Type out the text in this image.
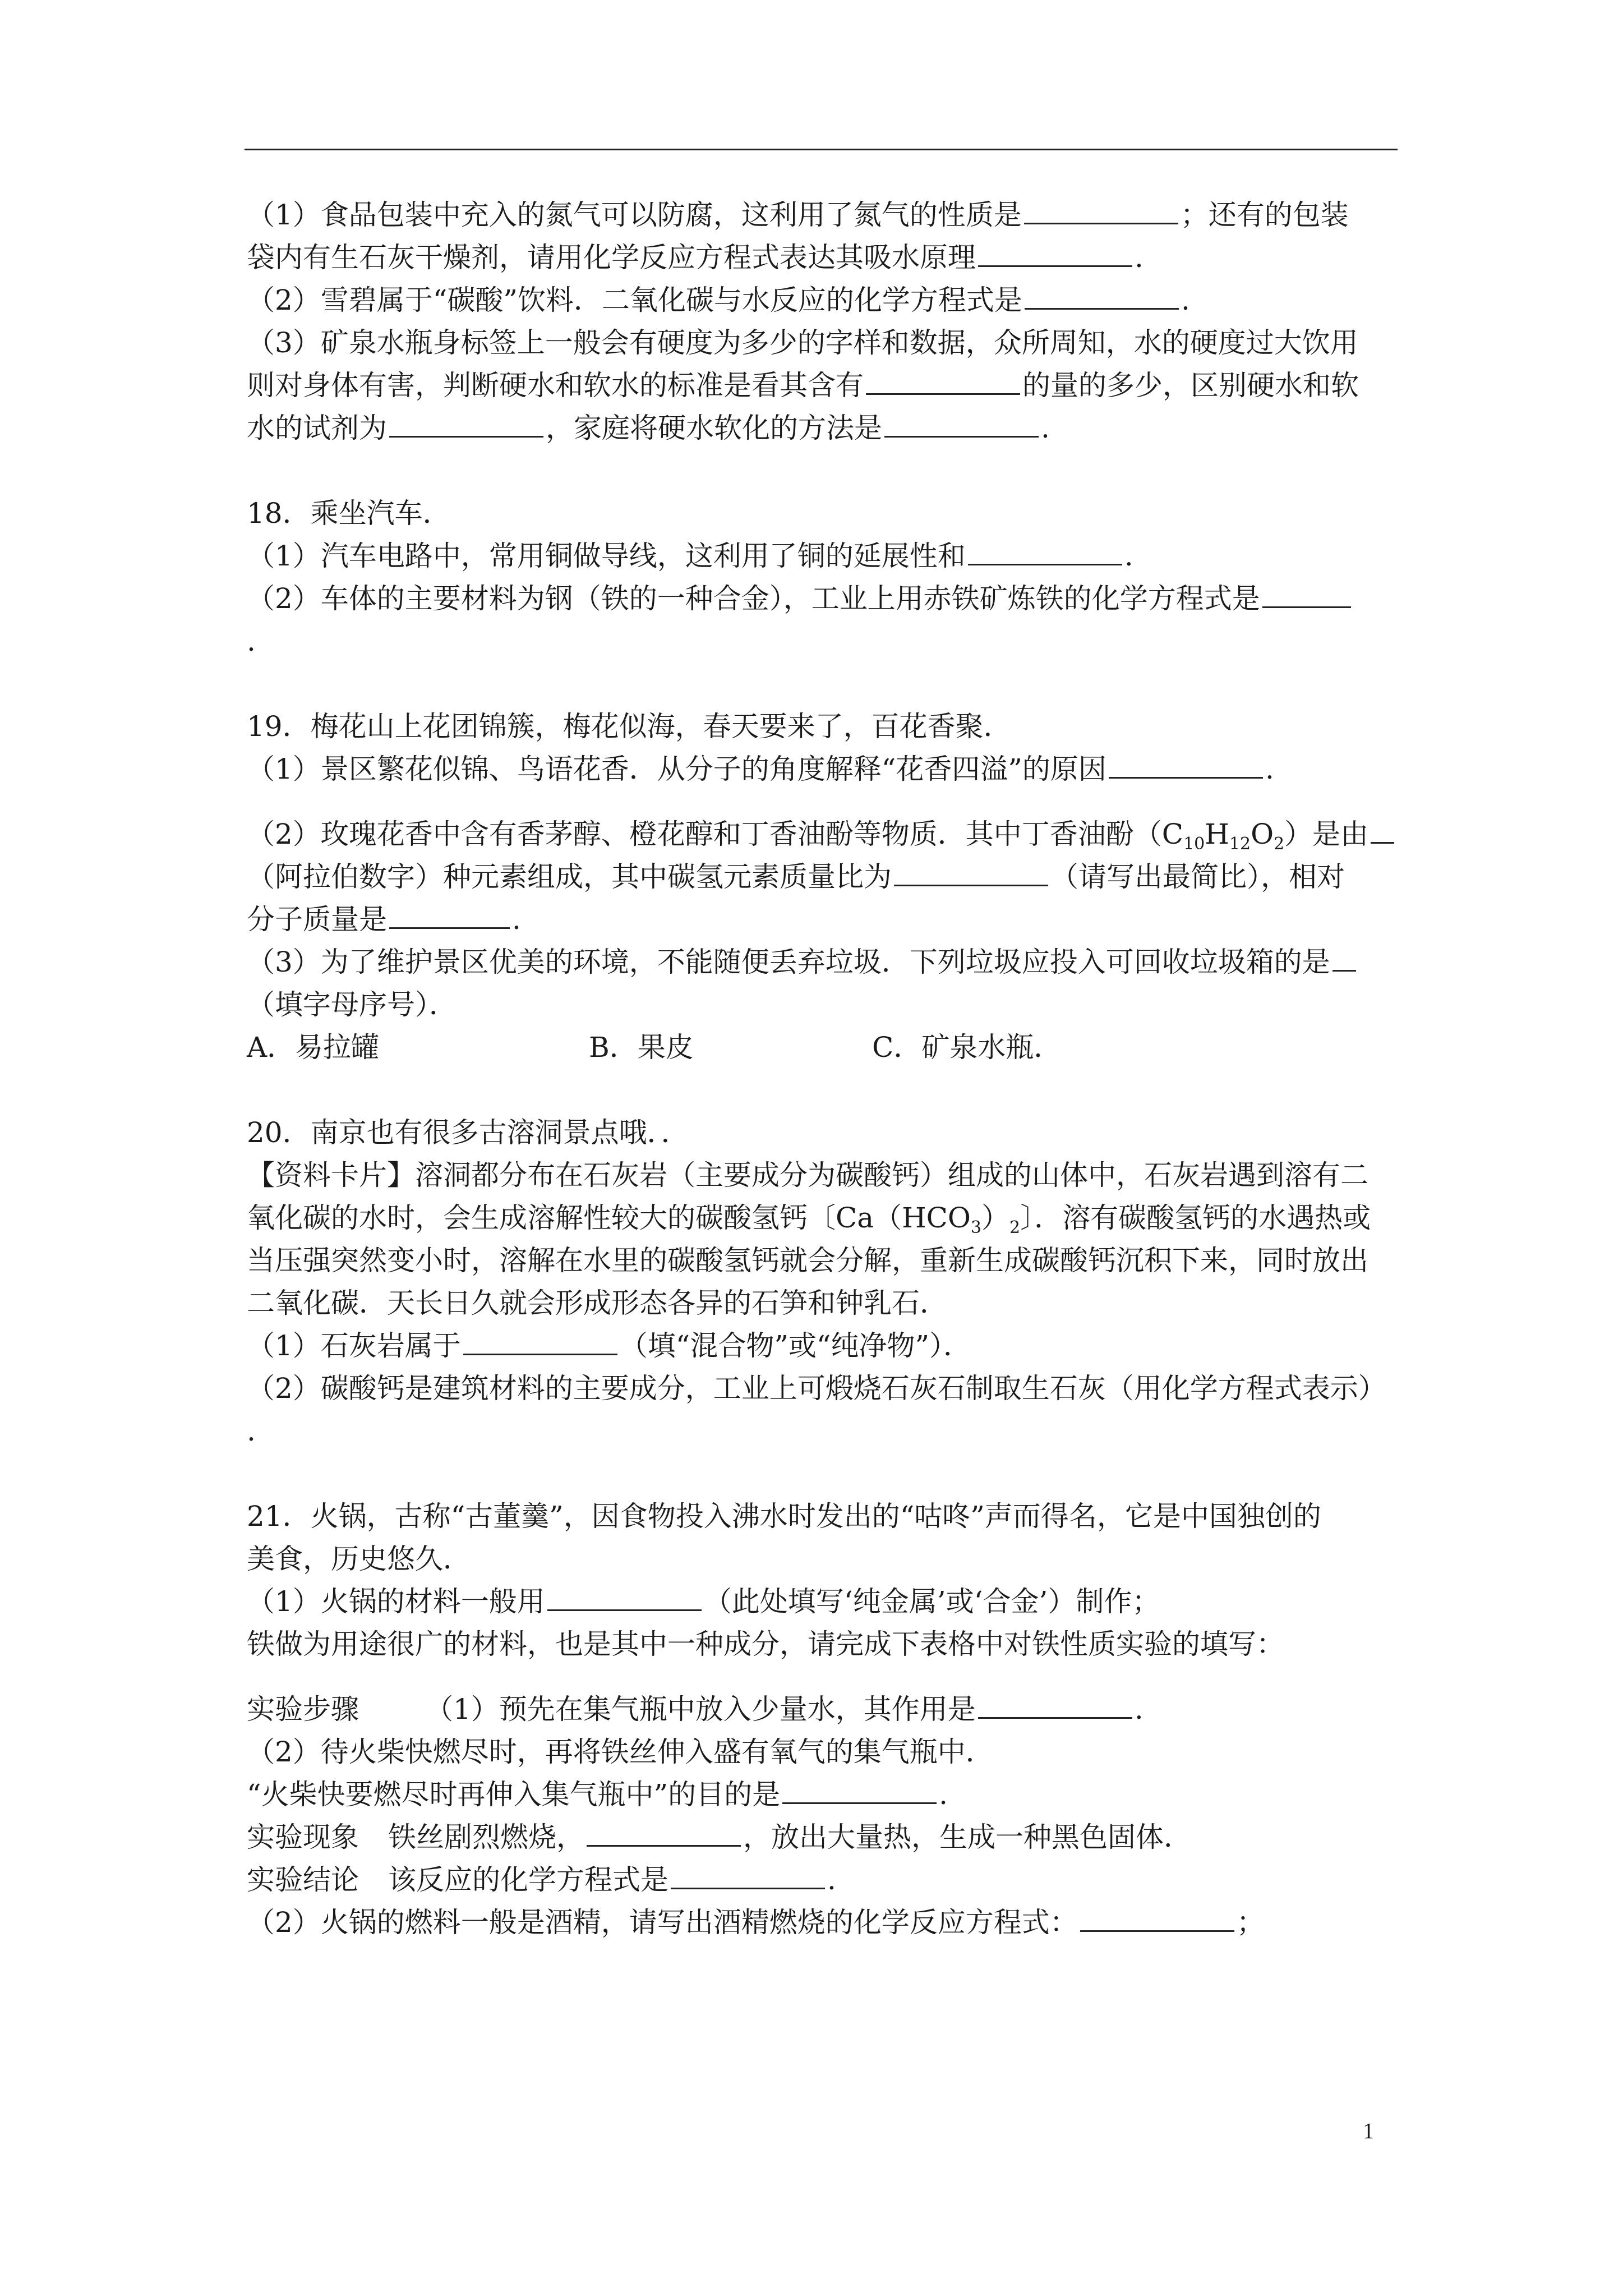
（1）食品包装中充入的氮气可以防腐，这利用了氮气的性质是	；还有的包装
袋内有生石灰干燥剂，请用化学反应方程式表达其吸水原理	.
（2）雪碧属于“碳酸”饮料．二氧化碳与水反应的化学方程式是	.
（3）矿泉水瓶身标签上一般会有硬度为多少的字样和数据，众所周知，水的硬度过大饮用
则对身体有害，判断硬水和软水的标准是看其含有	的量的多少，区别硬水和软
水的试剂为	，家庭将硬水软化的方法是	.
18．乘坐汽车．
（1）汽车电路中，常用铜做导线，这利用了铜的延展性和	.
（2）车体的主要材料为钢（铁的一种合金），工业上用赤铁矿炼铁的化学方程式是
.
19．梅花山上花团锦簇，梅花似海，春天要来了，百花香聚．
（1）景区繁花似锦、鸟语花香．从分子的角度解释“花香四溢”的原因	.
（2）玫瑰花香中含有香茅醇、橙花醇和丁香油酚等物质．其中丁香油酚$(C_{10}H_{12}O_2)$是由
（阿拉伯数字）种元素组成，其中碳氢元素质量比为	（请写出最简比），相对
分子质量是	.
（3）为了维护景区优美的环境，不能随便丢弃垃圾．下列垃圾应投入可回收垃圾箱的是
（填字母序号）．
A．易拉罐	B．果皮	C．矿泉水瓶．
20．南京也有很多古溶洞景点哦．．
【资料卡片】溶洞都分布在石灰岩（主要成分为碳酸钙）组成的山体中，石灰岩遇到溶有二
氧化碳的水时，会生成溶解性较大的碳酸氢钙〔$Ca(HCO_3)_2$〕．溶有碳酸氢钙的水遇热或
当压强突然变小时，溶解在水里的碳酸氢钙就会分解，重新生成碳酸钙沉积下来，同时放出
二氧化碳．天长日久就会形成形态各异的石笋和钟乳石．
（1）石灰岩属于	（填“混合物”或“纯净物”）．
（2）碳酸钙是建筑材料的主要成分，工业上可煅烧石灰石制取生石灰（用化学方程式表示）
.
21．火锅，古称“古董羹”，因食物投入沸水时发出的“咕咚”声而得名，它是中国独创的
美食，历史悠久．
（1）火锅的材料一般用	（此处填写‘纯金属’或‘合金’）制作；
铁做为用途很广的材料，也是其中一种成分，请完成下表格中对铁性质实验的填写：
实验步骤 （1）预先在集气瓶中放入少量水，其作用是	.
（2）待火柴快燃尽时，再将铁丝伸入盛有氧气的集气瓶中．
“火柴快要燃尽时再伸入集气瓶中”的目的是	.
实验现象 铁丝剧烈燃烧，	，放出大量热，生成一种黑色固体．
实验结论 该反应的化学方程式是	.
（2）火锅的燃料一般是酒精，请写出酒精燃烧的化学反应方程式：	；
1
